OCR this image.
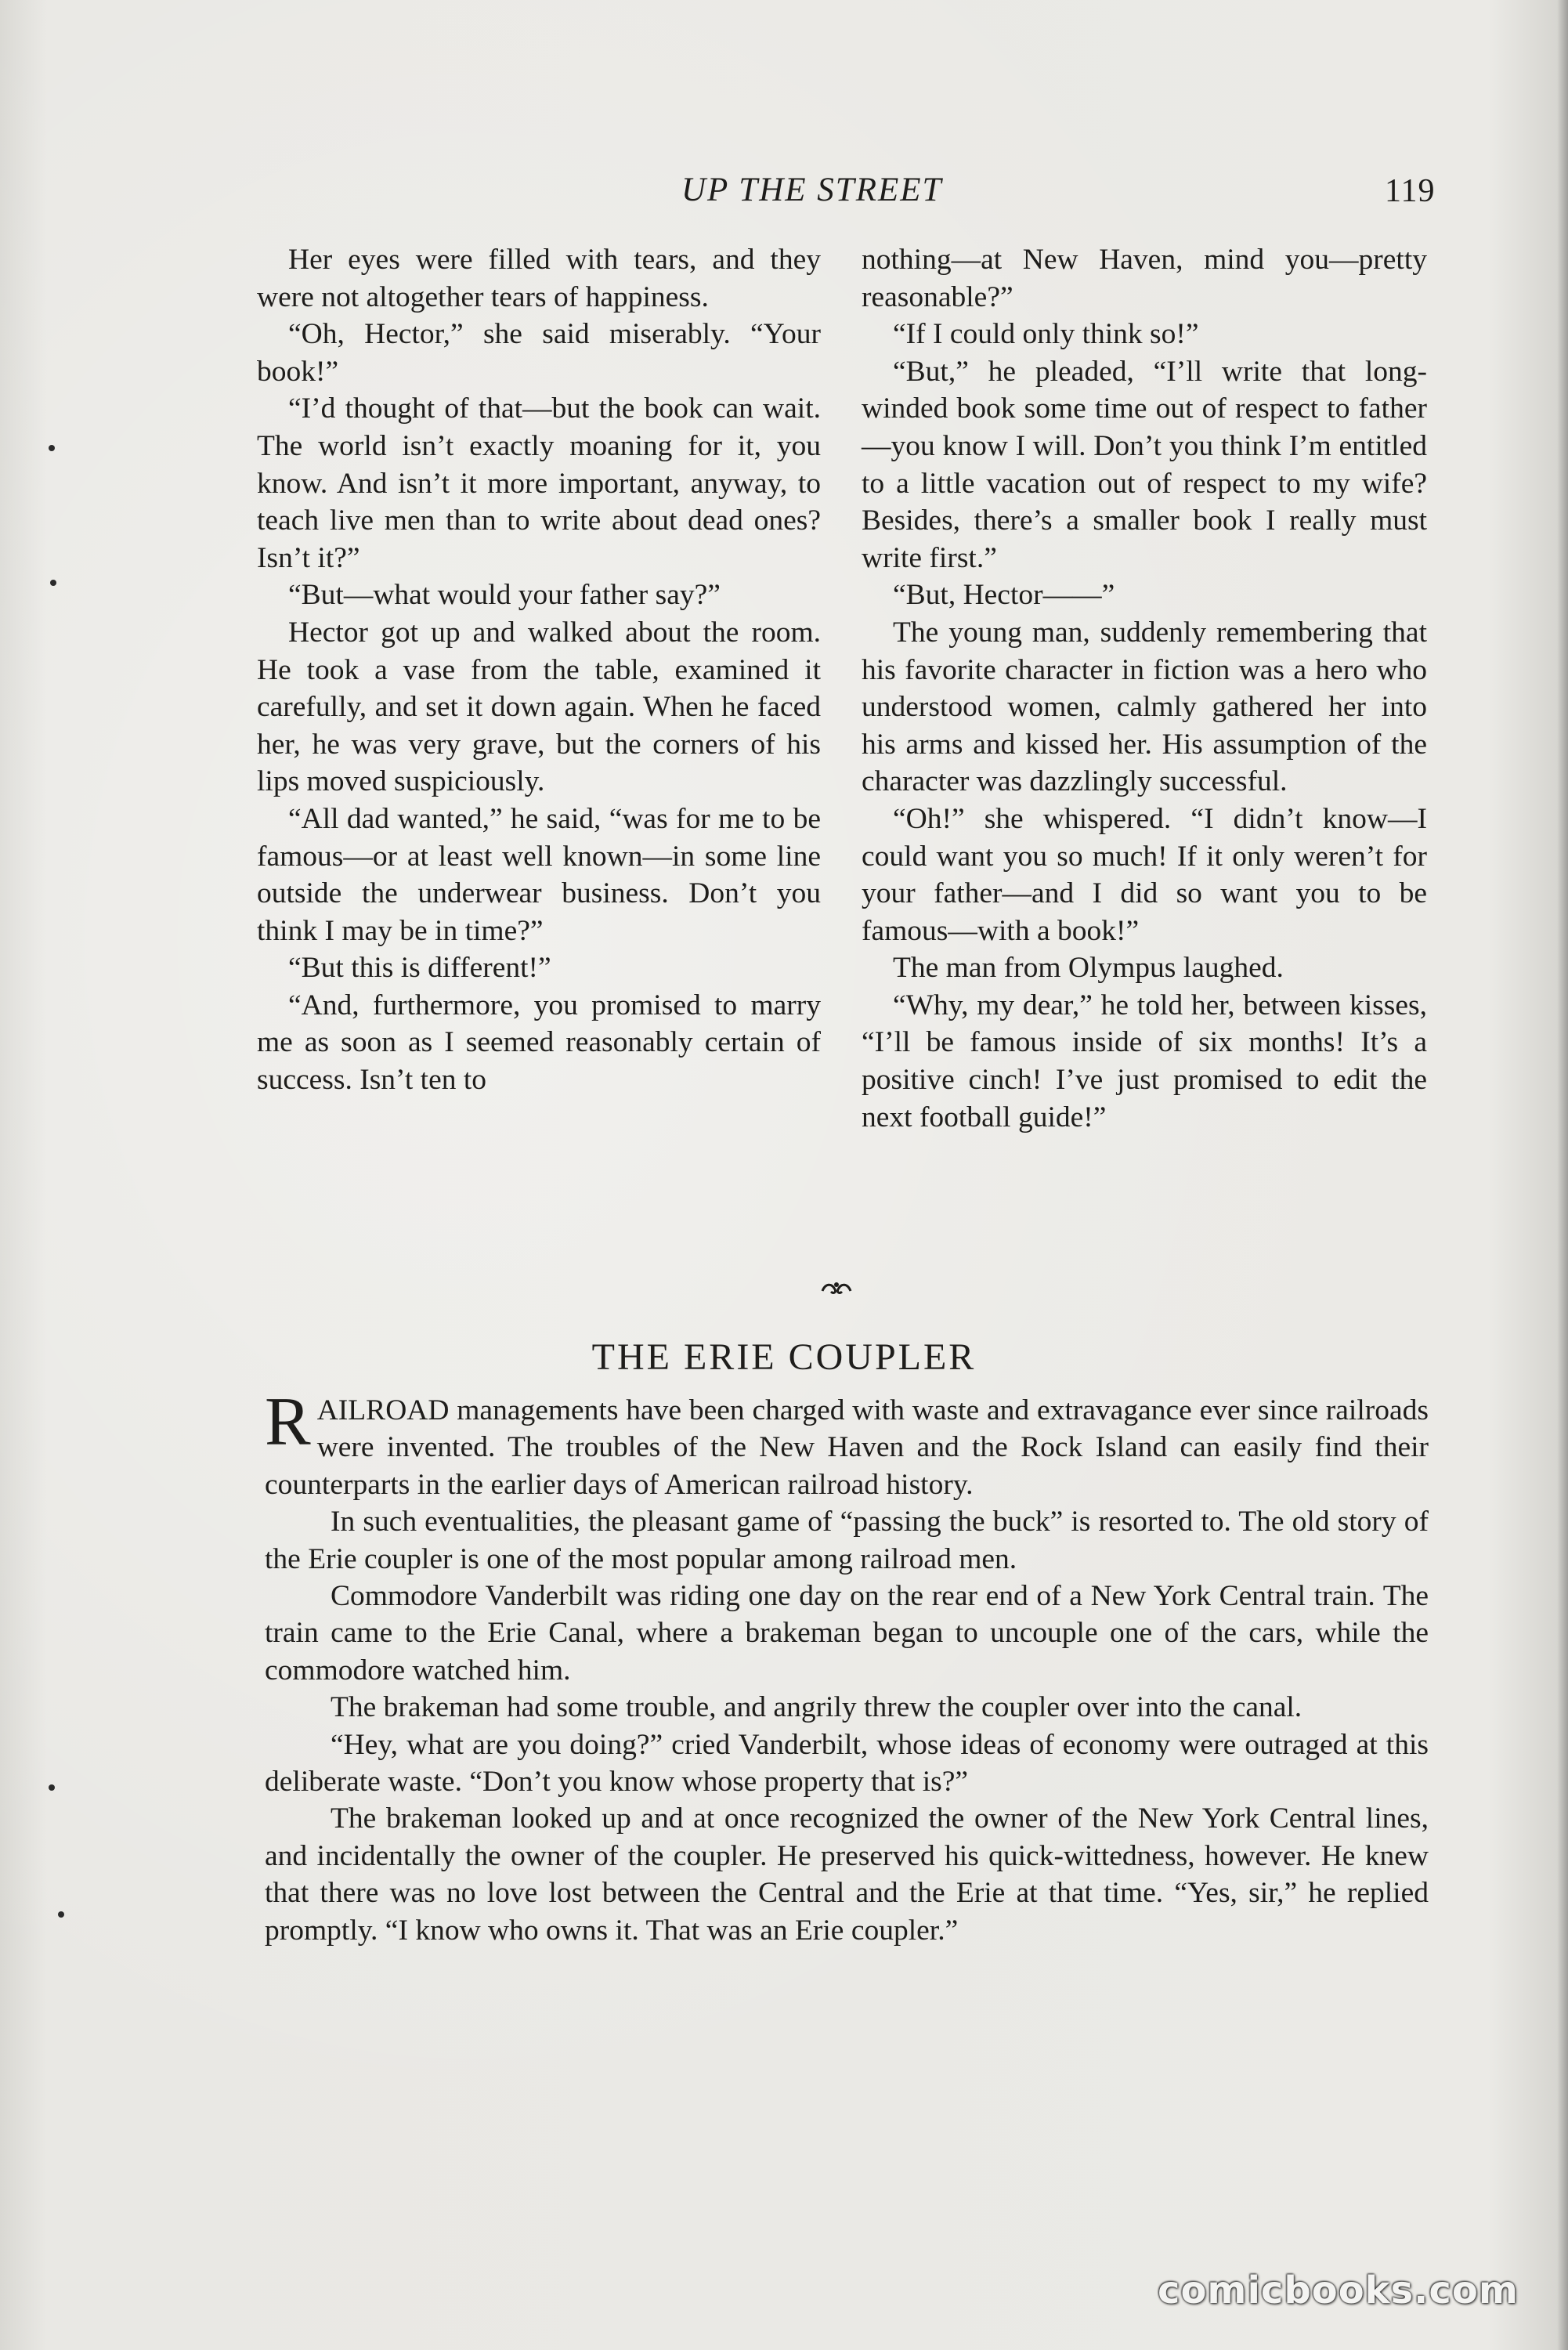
UP THE STREET	119

Her eyes were filled with tears, and they were not altogether tears of happiness.

“Oh, Hector,” she said miserably. “Your book!”

“I’d thought of that—but the book can wait. The world isn’t exactly moaning for it, you know. And isn’t it more important, anyway, to teach live men than to write about dead ones? Isn’t it?”

“But—what would your father say?”

Hector got up and walked about the room. He took a vase from the table, examined it carefully, and set it down again. When he faced her, he was very grave, but the corners of his lips moved suspiciously.

“All dad wanted,” he said, “was for me to be famous—or at least well known—in some line outside the underwear business. Don’t you think I may be in time?”

“But this is different!”

“And, furthermore, you promised to marry me as soon as I seemed reasonably certain of success. Isn’t ten to

nothing—at New Haven, mind you—pretty reasonable?”

“If I could only think so!”

“But,” he pleaded, “I’ll write that long-winded book some time out of respect to father—you know I will. Don’t you think I’m entitled to a little vacation out of respect to my wife? Besides, there’s a smaller book I really must write first.”

“But, Hector——”

The young man, suddenly remembering that his favorite character in fiction was a hero who understood women, calmly gathered her into his arms and kissed her. His assumption of the character was dazzlingly successful.

“Oh!” she whispered. “I didn’t know—I could want you so much! If it only weren’t for your father—and I did so want you to be famous—with a book!”

The man from Olympus laughed.

“Why, my dear,” he told her, between kisses, “I’ll be famous inside of six months! It’s a positive cinch! I’ve just promised to edit the next football guide!”

THE ERIE COUPLER

RAILROAD managements have been charged with waste and extravagance ever since railroads were invented. The troubles of the New Haven and the Rock Island can easily find their counterparts in the earlier days of American railroad history.

In such eventualities, the pleasant game of “passing the buck” is resorted to. The old story of the Erie coupler is one of the most popular among railroad men.

Commodore Vanderbilt was riding one day on the rear end of a New York Central train. The train came to the Erie Canal, where a brakeman began to uncouple one of the cars, while the commodore watched him.

The brakeman had some trouble, and angrily threw the coupler over into the canal.

“Hey, what are you doing?” cried Vanderbilt, whose ideas of economy were outraged at this deliberate waste. “Don’t you know whose property that is?”

The brakeman looked up and at once recognized the owner of the New York Central lines, and incidentally the owner of the coupler. He preserved his quick-wittedness, however. He knew that there was no love lost between the Central and the Erie at that time. “Yes, sir,” he replied promptly. “I know who owns it. That was an Erie coupler.”

comicbooks.com
